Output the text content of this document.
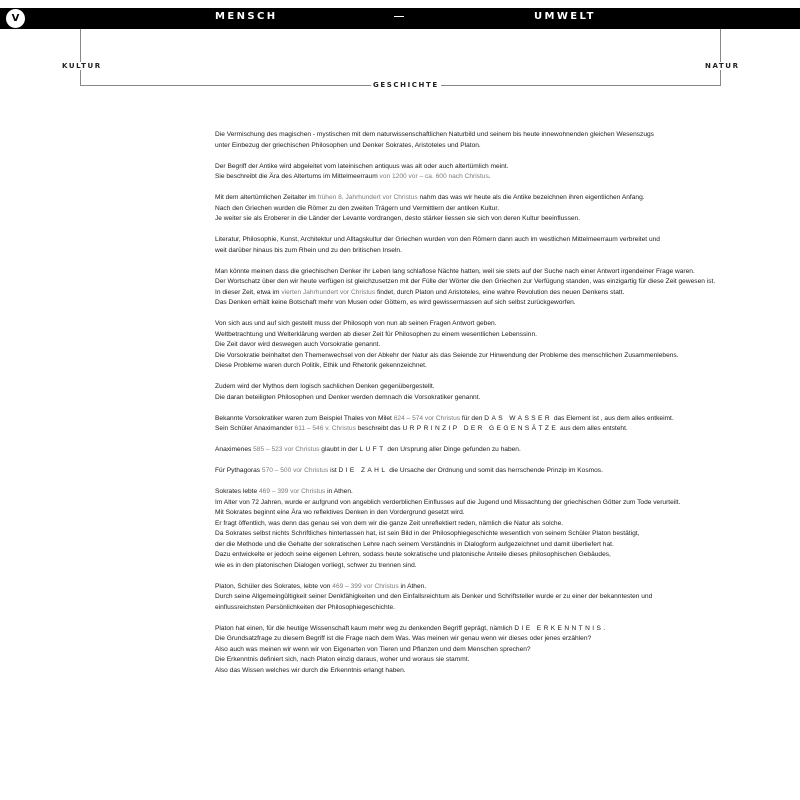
V	MENSCH	—	UMWELT
KULTUR	NATUR
GESCHICHTE

Die Vermischung des magischen - mystischen mit dem naturwissenschaftlichen Naturbild und seinem bis heute innewohnenden gleichen Wesenszugs
unter Einbezug der griechischen Philosophen und Denker Sokrates, Aristoteles und Platon.

Der Begriff der Antike wird abgeleitet vom lateinischen antiquus was alt oder auch altertümlich meint.
Sie beschreibt die Ära des Altertums im Mittelmeerraum von 1200 vor – ca. 600 nach Christus.

Mit dem altertümlichen Zeitalter im frühen 8. Jahrhundert vor Christus nahm das was wir heute als die Antike bezeichnen ihren eigentlichen Anfang.
Nach den Griechen wurden die Römer zu den zweiten Trägern und Vermittlern der antiken Kultur.
Je weiter sie als Eroberer in die Länder der Levante vordrangen, desto stärker liessen sie sich von deren Kultur beeinflussen.

Literatur, Philosophie, Kunst, Architektur und Alltagskultur der Griechen wurden von den Römern dann auch im westlichen Mittelmeerraum verbreitet und
weit darüber hinaus bis zum Rhein und zu den britischen Inseln.

Man könnte meinen dass die griechischen Denker ihr Leben lang schlaflose Nächte hatten, weil sie stets auf der Suche nach einer Antwort irgendeiner Frage waren.
Der Wortschatz über den wir heute verfügen ist gleichzusetzen mit der Fülle der Wörter die den Griechen zur Verfügung standen, was einzigartig für diese Zeit gewesen ist.
In dieser Zeit, etwa im vierten Jahrhundert vor Christus findet, durch Platon und Aristoteles, eine wahre Revolution des neuen Denkens statt.
Das Denken erhält keine Botschaft mehr von Musen oder Göttern, es wird gewissermassen auf sich selbst zurückgeworfen.

Von sich aus und auf sich gestellt muss der Philosoph von nun ab seinen Fragen Antwort geben.
Weltbetrachtung und Welterklärung werden ab dieser Zeit für Philosophen zu einem wesentlichen Lebenssinn.
Die Zeit davor wird deswegen auch Vorsokratie genannt.
Die Vorsokratie beinhaltet den Themenwechsel von der Abkehr der Natur als das Seiende zur Hinwendung der Probleme des menschlichen Zusammenlebens.
Diese Probleme waren durch Politik, Ethik und Rhetorik gekennzeichnet.

Zudem wird der Mythos dem logisch sachlichen Denken gegenübergestellt.
Die daran beteiligten Philosophen und Denker werden demnach die Vorsokratiker genannt.

Bekannte Vorsokratiker waren zum Beispiel Thales von Milet 624 – 574 vor Christus für den DAS WASSER das Element ist , aus dem alles entkeimt.
Sein Schüler Anaximander 611 – 546 v. Christus beschreibt das URPRINZIP DER GEGENSÄTZE aus dem alles entsteht.

Anaximenes 585 – 523 vor Christus glaubt in der LUFT den Ursprung aller Dinge gefunden zu haben.

Für Pythagoras 570 – 500 vor Christus ist DIE ZAHL die Ursache der Ordnung und somit das herrschende Prinzip im Kosmos.

Sokrates lebte 469 – 399 vor Christus in Athen.
Im Alter von 72 Jahren, wurde er aufgrund von angeblich verderblichen Einflusses auf die Jugend und Missachtung der griechischen Götter zum Tode verurteilt.
Mit Sokrates beginnt eine Ära wo reflektives Denken in den Vordergrund gesetzt wird.
Er fragt öffentlich, was denn das genau sei von dem wir die ganze Zeit unreflektiert reden, nämlich die Natur als solche.
Da Sokrates selbst nichts Schriftliches hinterlassen hat, ist sein Bild in der Philosophiegeschichte wesentlich von seinem Schüler Platon bestätigt,
der die Methode und die Gehalte der sokratischen Lehre nach seinem Verständnis in Dialogform aufgezeichnet und damit überliefert hat.
Dazu entwickelte er jedoch seine eigenen Lehren, sodass heute sokratische und platonische Anteile dieses philosophischen Gebäudes,
wie es in den platonischen Dialogen vorliegt, schwer zu trennen sind.

Platon, Schüler des Sokrates, lebte von 469 – 399 vor Christus in Athen.
Durch seine Allgemeingültigkeit seiner Denkfähigkeiten und den Einfallsreichtum als Denker und Schriftsteller wurde er zu einer der bekanntesten und
einflussreichsten Persönlichkeiten der Philosophiegeschichte.

Platon hat einen, für die heutige Wissenschaft kaum mehr weg zu denkenden Begriff geprägt, nämlich DIE ERKENNTNIS.
Die Grundsatzfrage zu diesem Begriff ist die Frage nach dem Was. Was meinen wir genau wenn wir dieses oder jenes erzählen?
Also auch was meinen wir wenn wir von Eigenarten von Tieren und Pflanzen und dem Menschen sprechen?
Die Erkenntnis definiert sich, nach Platon einzig daraus, woher und woraus sie stammt.
Also das Wissen welches wir durch die Erkenntnis erlangt haben.
